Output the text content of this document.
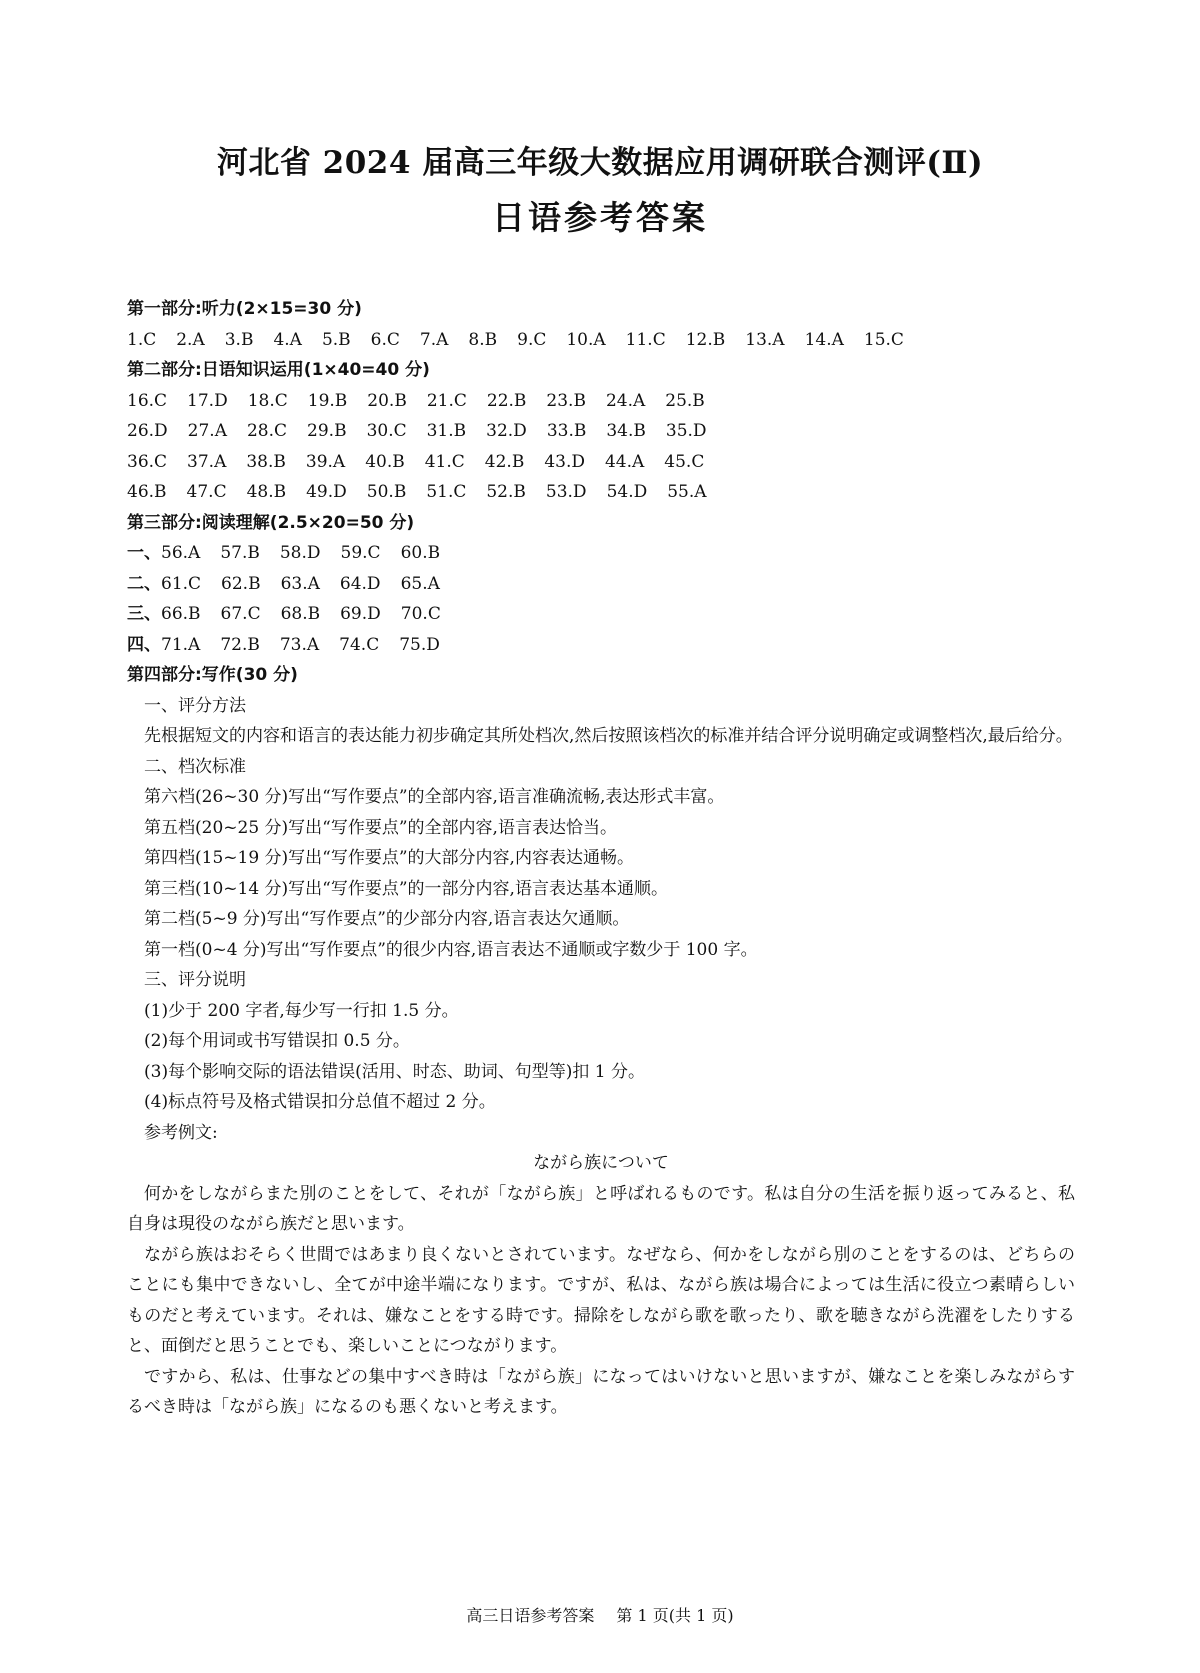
河北省 2024 届高三年级大数据应用调研联合测评(Ⅱ)
日语参考答案
第一部分:听力(2×15=30 分)
1.C 2.A 3.B 4.A 5.B 6.C 7.A 8.B 9.C 10.A 11.C 12.B 13.A 14.A 15.C
第二部分:日语知识运用(1×40=40 分)
16.C 17.D 18.C 19.B 20.B 21.C 22.B 23.B 24.A 25.B
26.D 27.A 28.C 29.B 30.C 31.B 32.D 33.B 34.B 35.D
36.C 37.A 38.B 39.A 40.B 41.C 42.B 43.D 44.A 45.C
46.B 47.C 48.B 49.D 50.B 51.C 52.B 53.D 54.D 55.A
第三部分:阅读理解(2.5×20=50 分)
一、56.A 57.B 58.D 59.C 60.B
二、61.C 62.B 63.A 64.D 65.A
三、66.B 67.C 68.B 69.D 70.C
四、71.A 72.B 73.A 74.C 75.D
第四部分:写作(30 分)
一、评分方法
先根据短文的内容和语言的表达能力初步确定其所处档次,然后按照该档次的标准并结合评分说明确定或调整档次,最后给分。
二、档次标准
第六档(26~30 分)写出“写作要点”的全部内容,语言准确流畅,表达形式丰富。
第五档(20~25 分)写出“写作要点”的全部内容,语言表达恰当。
第四档(15~19 分)写出“写作要点”的大部分内容,内容表达通畅。
第三档(10~14 分)写出“写作要点”的一部分内容,语言表达基本通顺。
第二档(5~9 分)写出“写作要点”的少部分内容,语言表达欠通顺。
第一档(0~4 分)写出“写作要点”的很少内容,语言表达不通顺或字数少于 100 字。
三、评分说明
(1)少于 200 字者,每少写一行扣 1.5 分。
(2)每个用词或书写错误扣 0.5 分。
(3)每个影响交际的语法错误(活用、时态、助词、句型等)扣 1 分。
(4)标点符号及格式错误扣分总值不超过 2 分。
参考例文:
ながら族について
何かをしながらまた別のことをして、それが「ながら族」と呼ばれるものです。私は自分の生活を振り返ってみると、私自身は現役のながら族だと思います。
ながら族はおそらく世間ではあまり良くないとされています。なぜなら、何かをしながら別のことをするのは、どちらのことにも集中できないし、全てが中途半端になります。ですが、私は、ながら族は場合によっては生活に役立つ素晴らしいものだと考えています。それは、嫌なことをする時です。掃除をしながら歌を歌ったり、歌を聴きながら洗濯をしたりすると、面倒だと思うことでも、楽しいことにつながります。
ですから、私は、仕事などの集中すべき時は「ながら族」になってはいけないと思いますが、嫌なことを楽しみながらするべき時は「ながら族」になるのも悪くないと考えます。
高三日语参考答案 第 1 页(共 1 页)
